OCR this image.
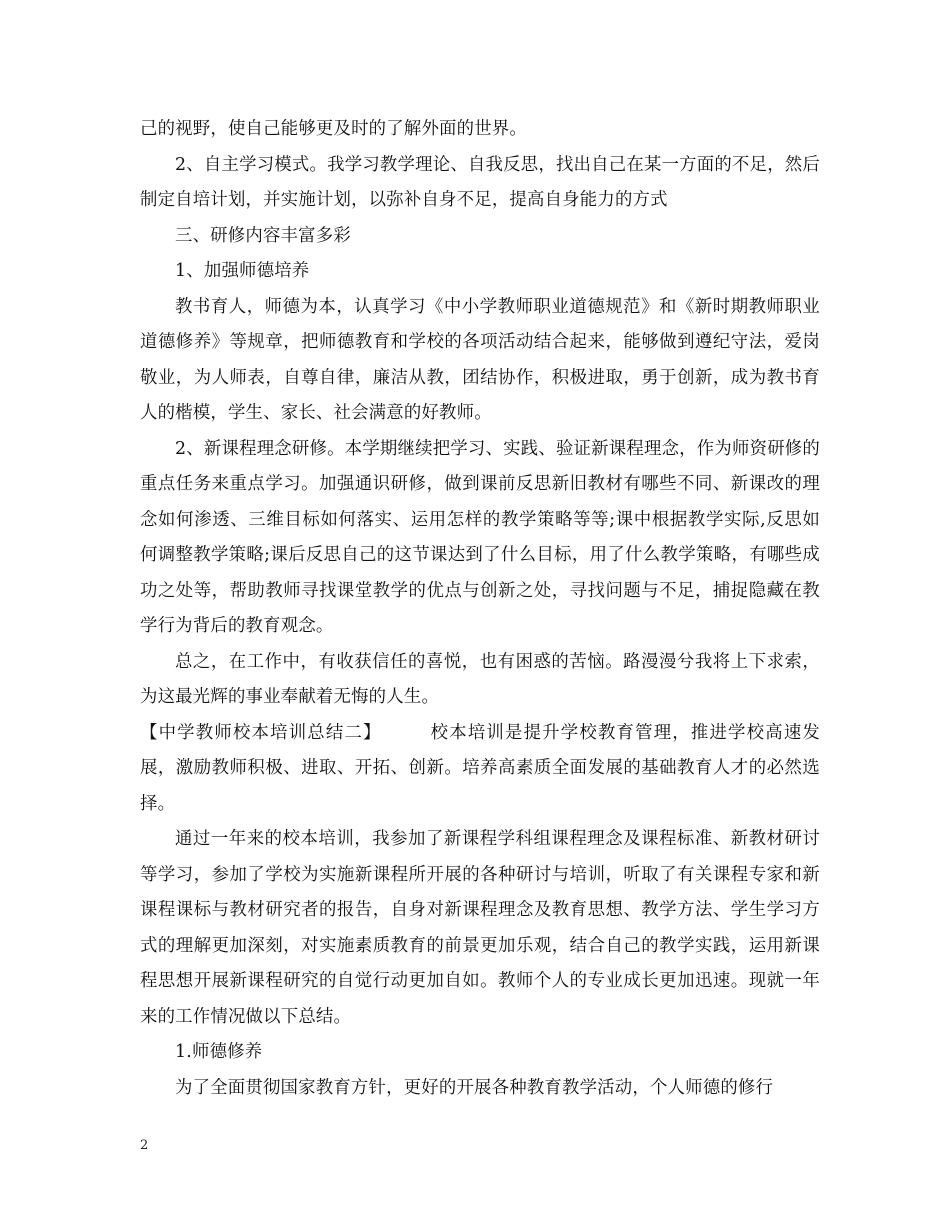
己的视野，使自己能够更及时的了解外面的世界。

2、自主学习模式。我学习教学理论、自我反思，找出自己在某一方面的不足，然后制定自培计划，并实施计划，以弥补自身不足，提高自身能力的方式

三、研修内容丰富多彩

1、加强师德培养

教书育人，师德为本，认真学习《中小学教师职业道德规范》和《新时期教师职业道德修养》等规章，把师德教育和学校的各项活动结合起来，能够做到遵纪守法，爱岗敬业，为人师表，自尊自律，廉洁从教，团结协作，积极进取，勇于创新，成为教书育人的楷模，学生、家长、社会满意的好教师。

2、新课程理念研修。本学期继续把学习、实践、验证新课程理念，作为师资研修的重点任务来重点学习。加强通识研修，做到课前反思新旧教材有哪些不同、新课改的理念如何渗透、三维目标如何落实、运用怎样的教学策略等等;课中根据教学实际,反思如何调整教学策略;课后反思自己的这节课达到了什么目标，用了什么教学策略，有哪些成功之处等，帮助教师寻找课堂教学的优点与创新之处，寻找问题与不足，捕捉隐藏在教学行为背后的教育观念。

总之，在工作中，有收获信任的喜悦，也有困惑的苦恼。路漫漫兮我将上下求索，为这最光辉的事业奉献着无悔的人生。

【中学教师校本培训总结二】	校本培训是提升学校教育管理，推进学校高速发展，激励教师积极、进取、开拓、创新。培养高素质全面发展的基础教育人才的必然选择。

通过一年来的校本培训，我参加了新课程学科组课程理念及课程标准、新教材研讨等学习，参加了学校为实施新课程所开展的各种研讨与培训，听取了有关课程专家和新课程课标与教材研究者的报告，自身对新课程理念及教育思想、教学方法、学生学习方式的理解更加深刻，对实施素质教育的前景更加乐观，结合自己的教学实践，运用新课程思想开展新课程研究的自觉行动更加自如。教师个人的专业成长更加迅速。现就一年来的工作情况做以下总结。

1.师德修养

为了全面贯彻国家教育方针，更好的开展各种教育教学活动，个人师德的修行

2
